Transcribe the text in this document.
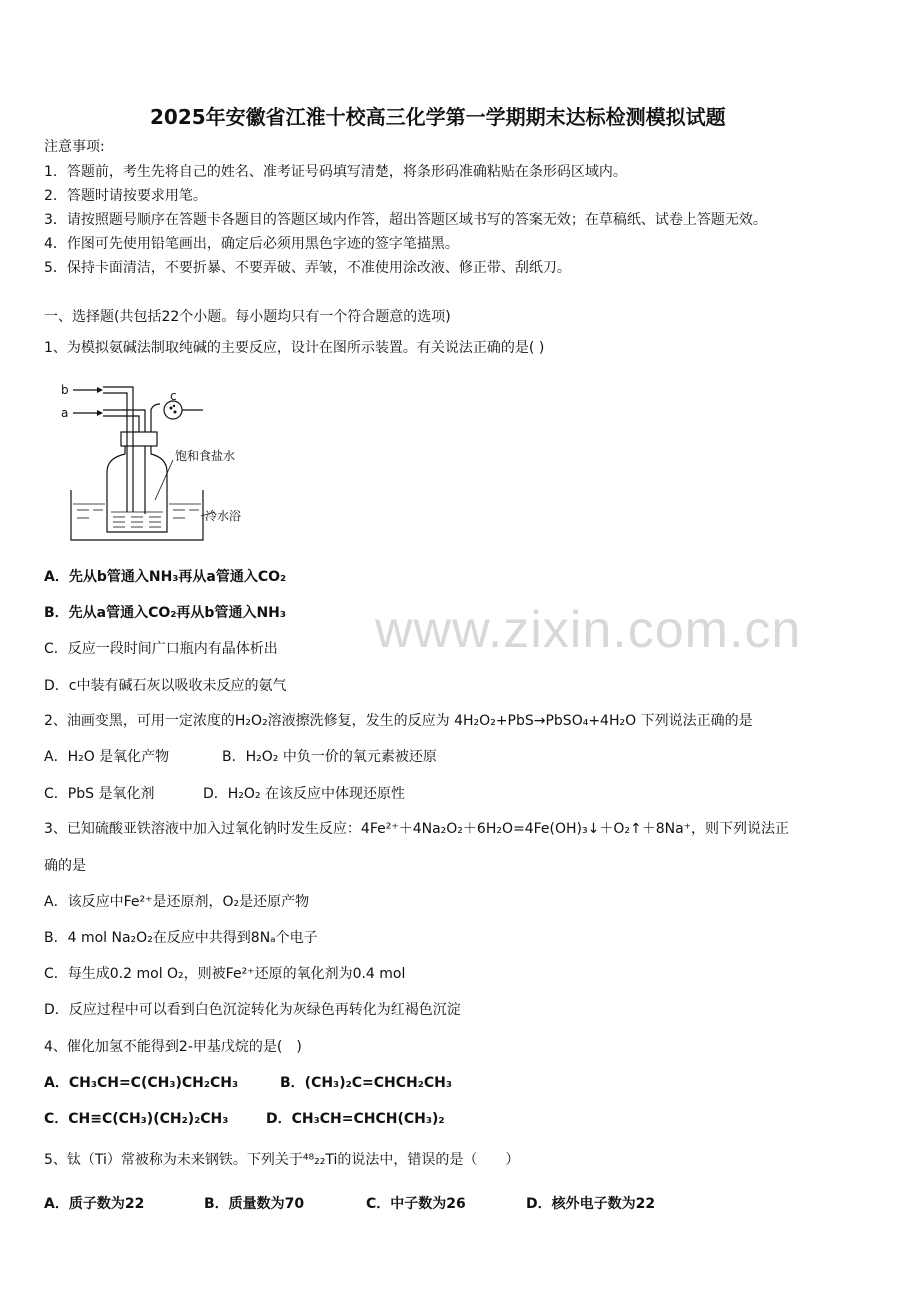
www.zixin.com.cn
2025年安徽省江淮十校高三化学第一学期期末达标检测模拟试题
注意事项:
1．答题前，考生先将自己的姓名、准考证号码填写清楚，将条形码准确粘贴在条形码区域内。
2．答题时请按要求用笔。
3．请按照题号顺序在答题卡各题目的答题区域内作答，超出答题区域书写的答案无效；在草稿纸、试卷上答题无效。
4．作图可先使用铅笔画出，确定后必须用黑色字迹的签字笔描黑。
5．保持卡面清洁，不要折暴、不要弄破、弄皱，不准使用涂改液、修正带、刮纸刀。
一、选择题(共包括22个小题。每小题均只有一个符合题意的选项)
1、为模拟氨碱法制取纯碱的主要反应，设计在图所示装置。有关说法正确的是( )
b
a
c
饱和食盐水
冷水浴
A．先从b管通入NH₃再从a管通入CO₂
B．先从a管通入CO₂再从b管通入NH₃
C．反应一段时间广口瓶内有晶体析出
D．c中装有碱石灰以吸收未反应的氨气
2、油画变黑，可用一定浓度的H₂O₂溶液擦洗修复，发生的反应为 4H₂O₂+PbS→PbSO₄+4H₂O 下列说法正确的是
A．H₂O 是氧化产物	B．H₂O₂ 中负一价的氧元素被还原
C．PbS 是氧化剂	D．H₂O₂ 在该反应中体现还原性
3、已知硫酸亚铁溶液中加入过氧化钠时发生反应：4Fe²⁺＋4Na₂O₂＋6H₂O=4Fe(OH)₃↓＋O₂↑＋8Na⁺，则下列说法正
确的是
A．该反应中Fe²⁺是还原剂，O₂是还原产物
B．4 mol Na₂O₂在反应中共得到8Nₐ个电子
C．每生成0.2 mol O₂，则被Fe²⁺还原的氧化剂为0.4 mol
D．反应过程中可以看到白色沉淀转化为灰绿色再转化为红褐色沉淀
4、催化加氢不能得到2-甲基戊烷的是(　)
A．CH₃CH=C(CH₃)CH₂CH₃	B．(CH₃)₂C=CHCH₂CH₃
C．CH≡C(CH₃)(CH₂)₂CH₃	D．CH₃CH=CHCH(CH₃)₂
5、钛（Ti）常被称为未来钢铁。下列关于⁴⁸₂₂Ti的说法中，错误的是（　　）
A．质子数为22	B．质量数为70	C．中子数为26	D．核外电子数为22
